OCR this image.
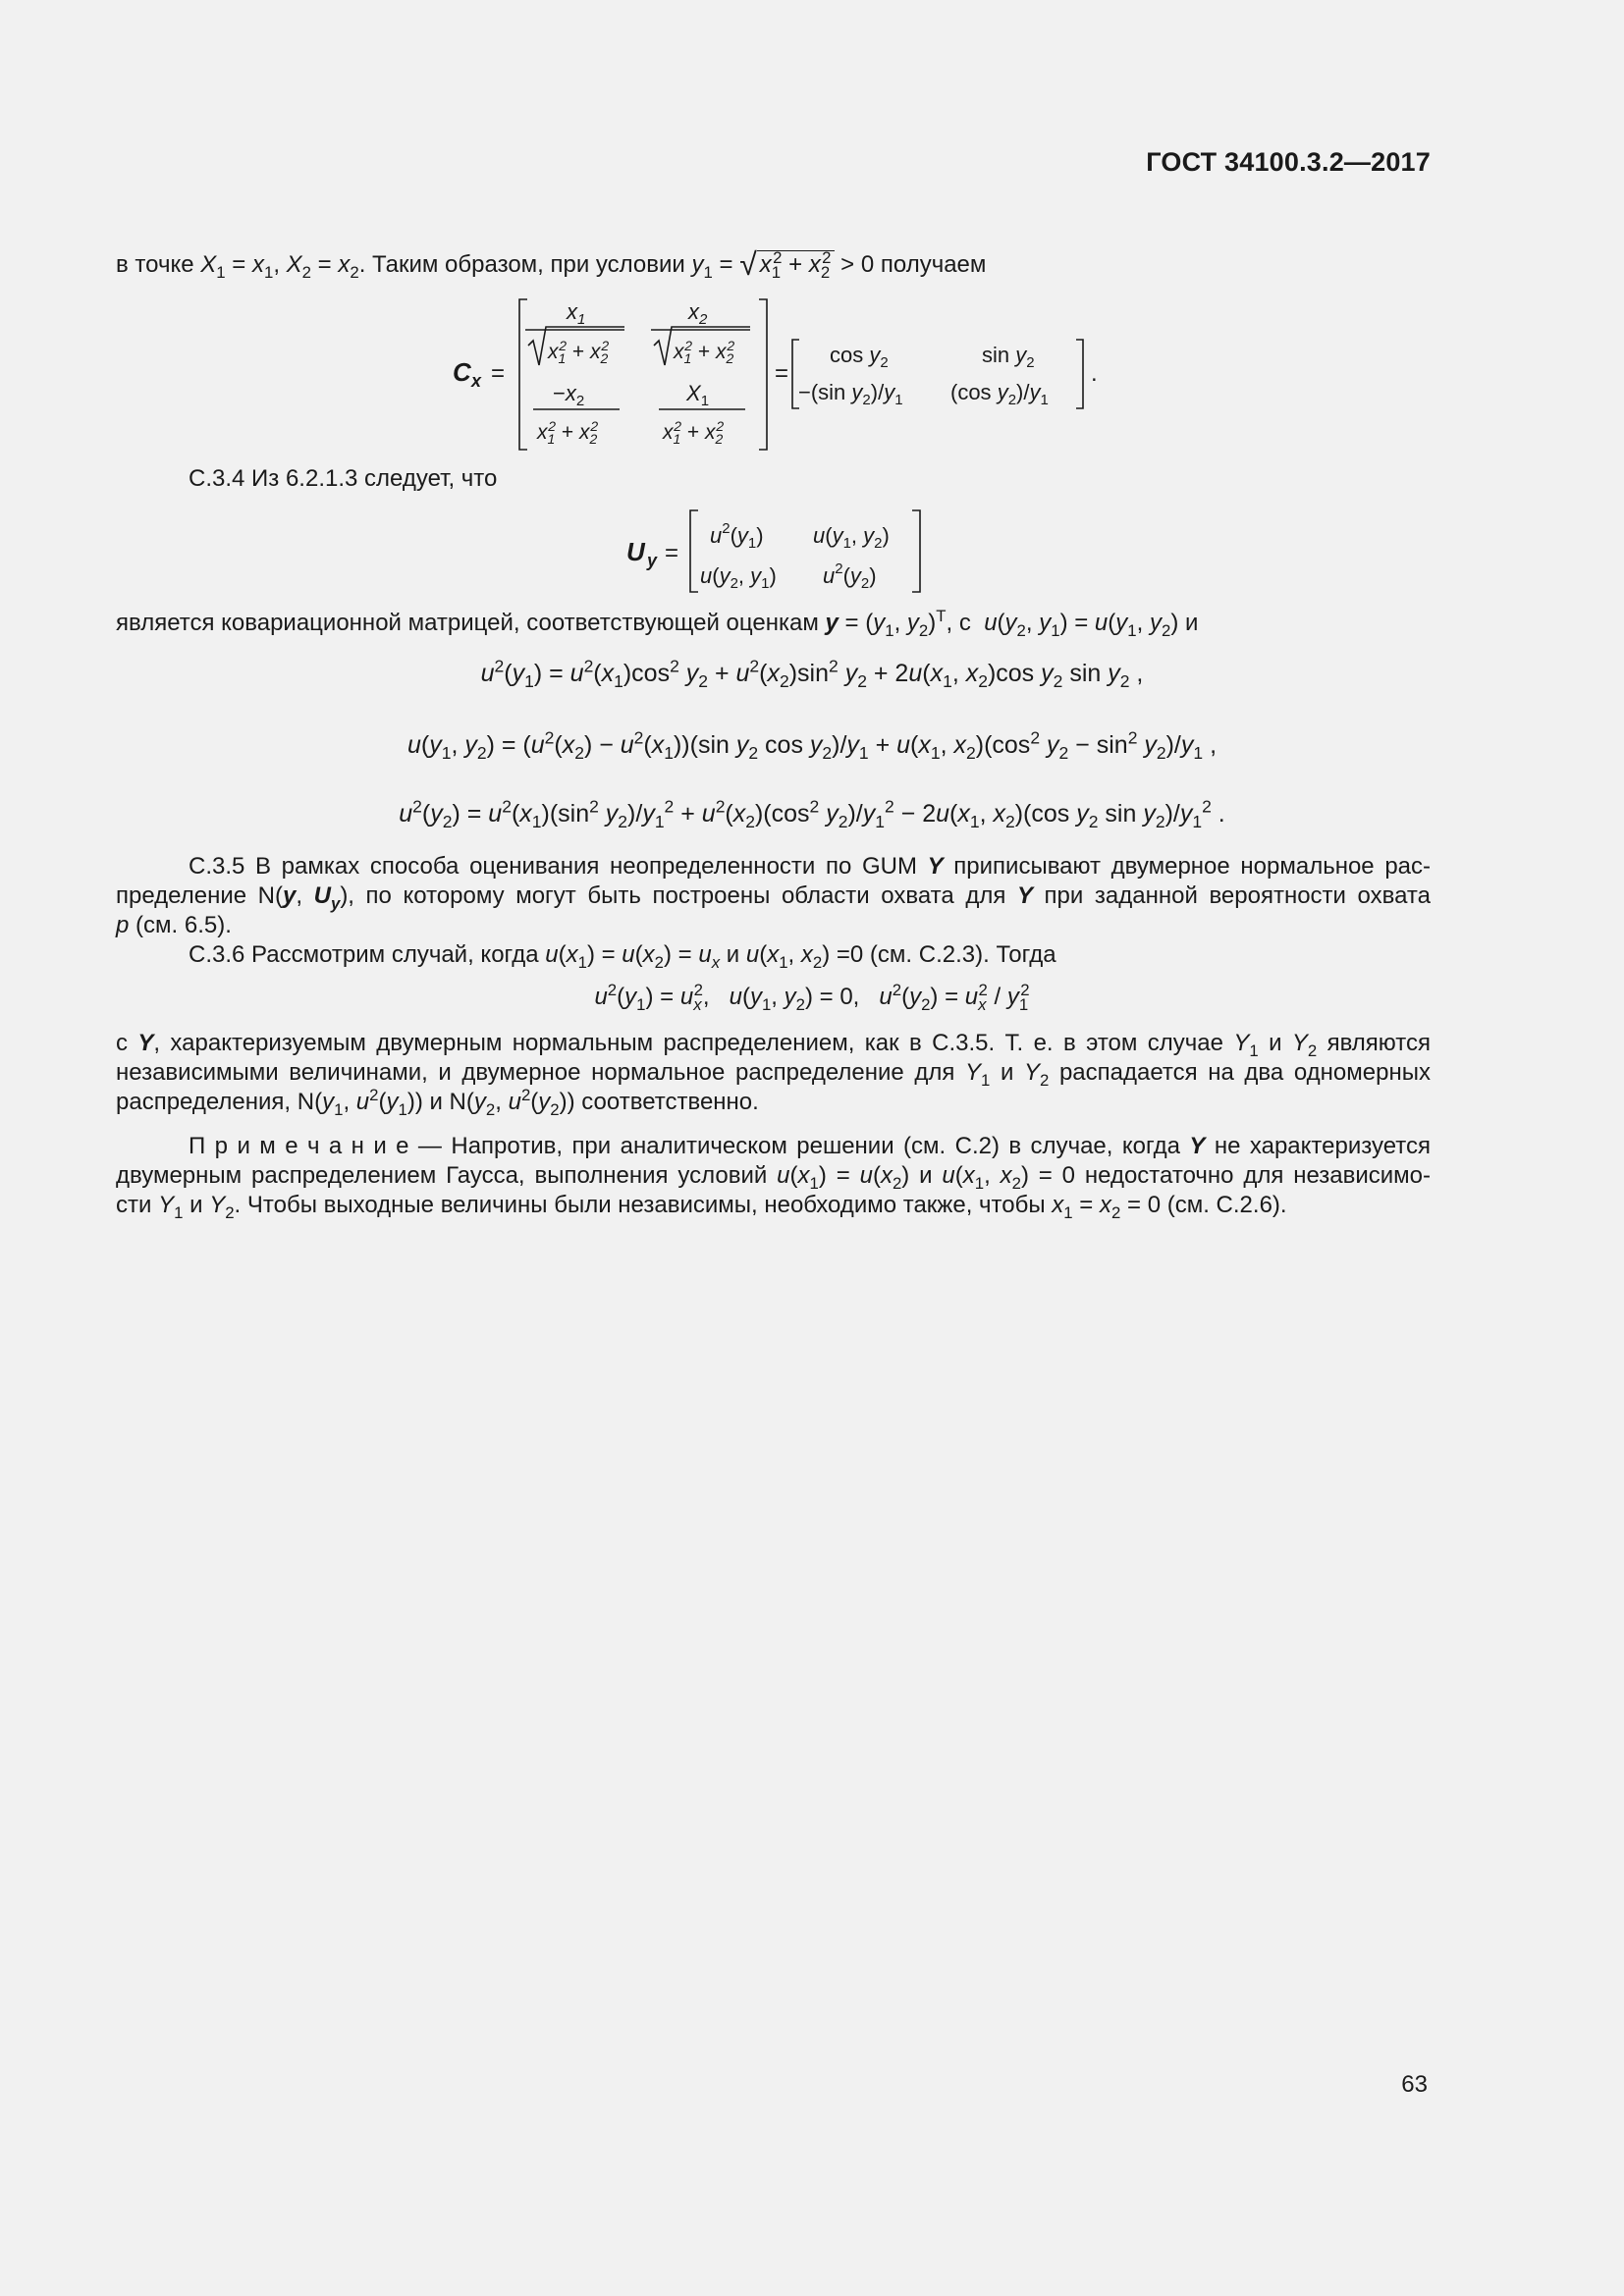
ГОСТ 34100.3.2—2017
в точке $X_1 = x_1$, $X_2 = x_2$. Таким образом, при условии $y_1$ = √ $x_1^2 + x_2^2 > 0$ получаем
C x =
$x_1$
$x_12 + x_22$
$x_2$
$x_12 + x_22$
$-x_2$
$x_12 + x_22$
$X_1$
$x_12 + x_22$
=
$\cos y_2$	$\sin y_2$
−(sin $y_2)/y_1$ (cos $y_2)/y_1$
.
С.3.4 Из 6.2.1.3 следует, что
U y =
$u^2(y_1)$ $u(y_1$, $y_2$)
$u(y_2$, $y_1$) $u^2(y_2)$
является ковариационной матрицей, соответствующей оценкам $y = (y_1$, $y_2)^T$, с  $u(y_2$, $y_1) = u(y_1$, $y_2$) и
$u^2(y_1) = u^2(x_1)\cos^2$ $y_2 + u^2(x_2)\sin^2$ $y_2 + 2u(x_1$, $x_2)\cos$ $y_2$ $\sin y_2$ ,
$u(y_1$, $y_2) = (u^2(x_2) - u^2(x_1))(\sin$ $y_2$ $\cos y_2)/y_1 + u(x_1$, $x_2)(\cos^2$ $y_2 - \sin^2 y_2)/y_1$ ,
$u^2(y_2) = u^2(x_1)(\sin^2$ $y_2)/y_1^2 + u^2(x_2)(\cos^2$ $y_2)/y_1^2 - 2u(x_1$, $x_2)(\cos$ $y_2$ $\sin y_2)/y_1^2$ .
С.3.5 В рамках способа оценивания неопределенности по GUM Y приписывают двумерное нормальное рас-
пределение N(y, $U_y$), по которому могут быть построены области охвата для Y при заданной вероятности охвата
p (см. 6.5).
С.3.6 Рассмотрим случай, когда $u(x_1) = u(x_2) = u_x$ и $u(x_1$, $x_2) =0$ (см. С.2.3). Тогда
$u^2(y_1) = u_x^2$,   $u(y_1$, $y_2) = 0$,   $u^2(y_2) = u_x^2 / y_1^2$
с Y, характеризуемым двумерным нормальным распределением, как в С.3.5. Т. е. в этом случае $Y_1$ и $Y_2$ являются
независимыми величинами, и двумерное нормальное распределение для $Y_1$ и $Y_2$ распадается на два одномерных
распределения, $N(y_1$, $u^2(y_1)$) и $N(y_2$, $u^2(y_2)$) соответственно.
П р и м е ч а н и е — Напротив, при аналитическом решении (см. С.2) в случае, когда Y не характеризуется
двумерным распределением Гаусса, выполнения условий $u(x_1) = u(x_2)$ и $u(x_1$, $x_2) = 0$ недостаточно для независимо-
сти $Y_1$ и $Y_2$. Чтобы выходные величины были независимы, необходимо также, чтобы $x_1 = x_2 = 0$ (см. С.2.6).
63
